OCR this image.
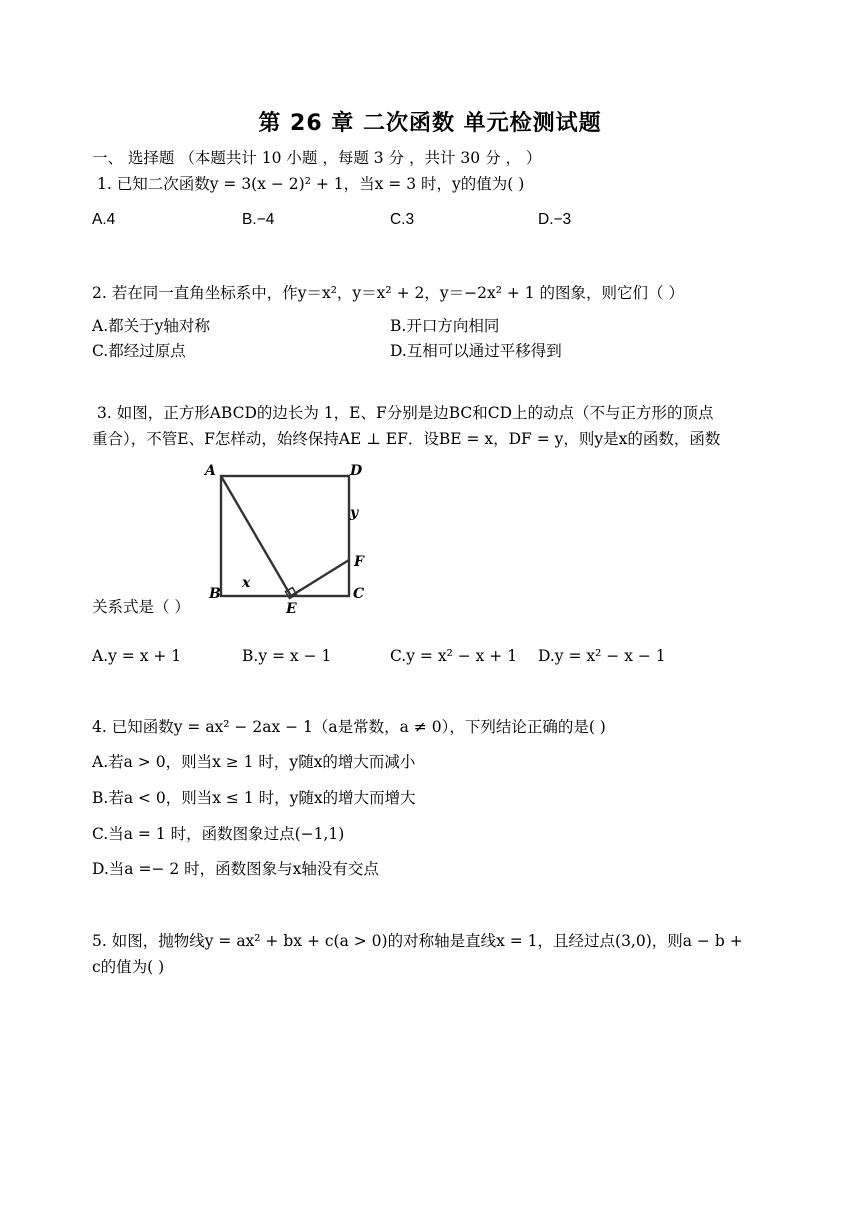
第 26 章 二次函数 单元检测试题
一、 选择题 （本题共计 10 小题 ，每题 3 分 ，共计 30 分 ， ）
1. 已知二次函数y = 3(x − 2)² + 1，当x = 3 时，y的值为( )
A.4	B.−4	C.3	D.−3
2. 若在同一直角坐标系中，作y＝x²，y＝x² + 2，y＝−2x² + 1 的图象，则它们（ ）
A.都关于y轴对称	B.开口方向相同
C.都经过原点	D.互相可以通过平移得到
3. 如图，正方形ABCD的边长为 1，E、F分别是边BC和CD上的动点（不与正方形的顶点
重合），不管E、F怎样动，始终保持AE ⊥ EF．设BE = x，DF = y，则y是x的函数，函数
A	D
B	C
E
F
x
y
关系式是（ ）
A.y = x + 1	B.y = x − 1	C.y = x² − x + 1 D.y = x² − x − 1
4. 已知函数y = ax² − 2ax − 1（a是常数，a ≠ 0），下列结论正确的是( )
A.若a > 0，则当x ≥ 1 时，y随x的增大而减小
B.若a < 0，则当x ≤ 1 时，y随x的增大而增大
C.当a = 1 时，函数图象过点(−1,1)
D.当a =− 2 时，函数图象与x轴没有交点
5. 如图，抛物线y = ax² + bx + c(a > 0)的对称轴是直线x = 1，且经过点(3,0)，则a − b +
c的值为( )
